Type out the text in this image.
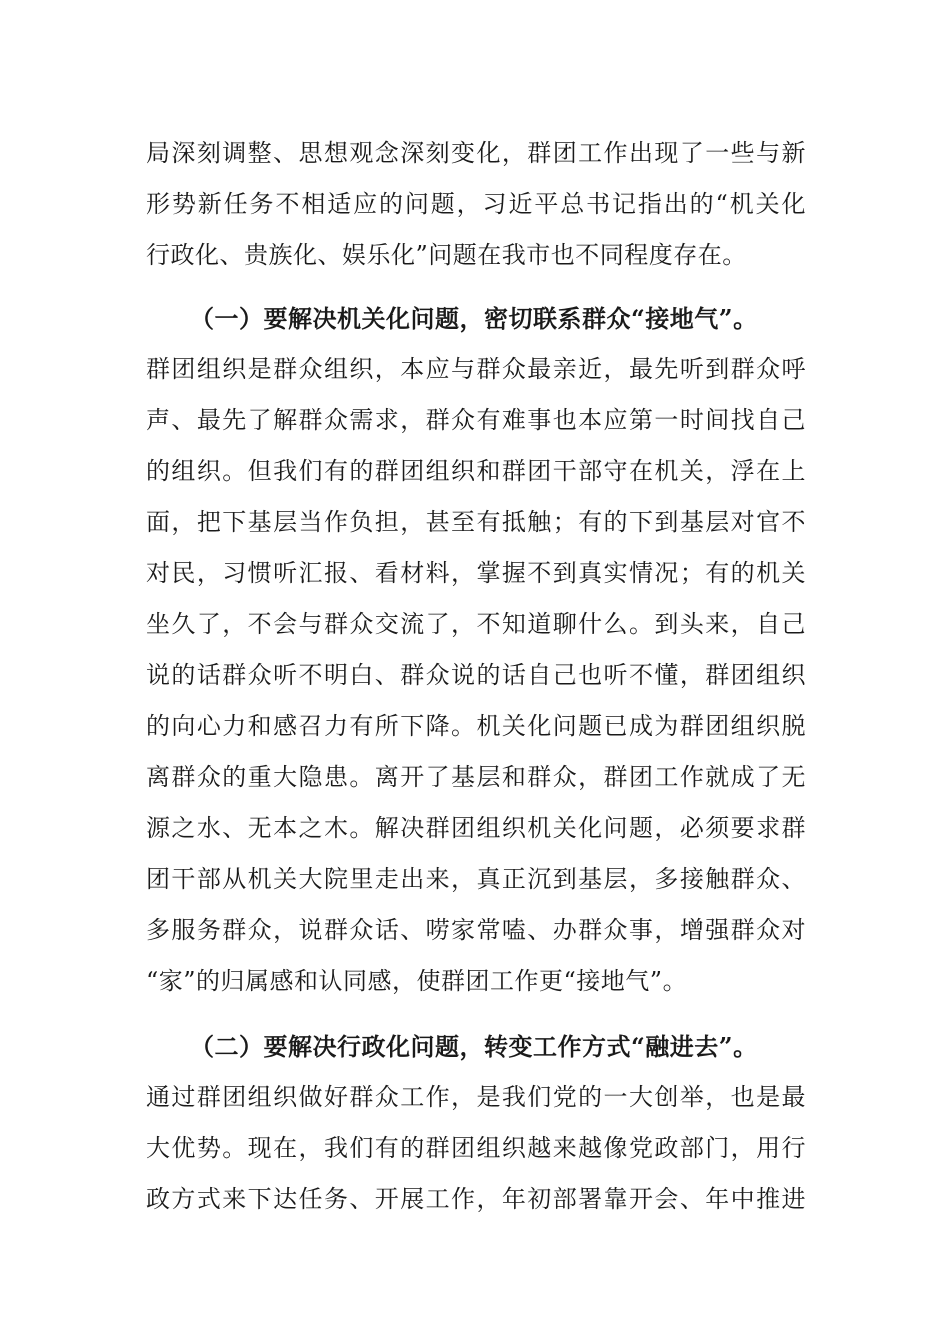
局深刻调整、思想观念深刻变化，群团工作出现了一些与新
形势新任务不相适应的问题，习近平总书记指出的“机关化
行政化、贵族化、娱乐化”问题在我市也不同程度存在。
（一）要解决机关化问题，密切联系群众“接地气”。
群团组织是群众组织，本应与群众最亲近，最先听到群众呼
声、最先了解群众需求，群众有难事也本应第一时间找自己
的组织。但我们有的群团组织和群团干部守在机关，浮在上
面，把下基层当作负担，甚至有抵触；有的下到基层对官不
对民，习惯听汇报、看材料，掌握不到真实情况；有的机关
坐久了，不会与群众交流了，不知道聊什么。到头来，自己
说的话群众听不明白、群众说的话自己也听不懂，群团组织
的向心力和感召力有所下降。机关化问题已成为群团组织脱
离群众的重大隐患。离开了基层和群众，群团工作就成了无
源之水、无本之木。解决群团组织机关化问题，必须要求群
团干部从机关大院里走出来，真正沉到基层，多接触群众、
多服务群众，说群众话、唠家常嗑、办群众事，增强群众对
“家”的归属感和认同感，使群团工作更“接地气”。
（二）要解决行政化问题，转变工作方式“融进去”。
通过群团组织做好群众工作，是我们党的一大创举，也是最
大优势。现在，我们有的群团组织越来越像党政部门，用行
政方式来下达任务、开展工作，年初部署靠开会、年中推进
